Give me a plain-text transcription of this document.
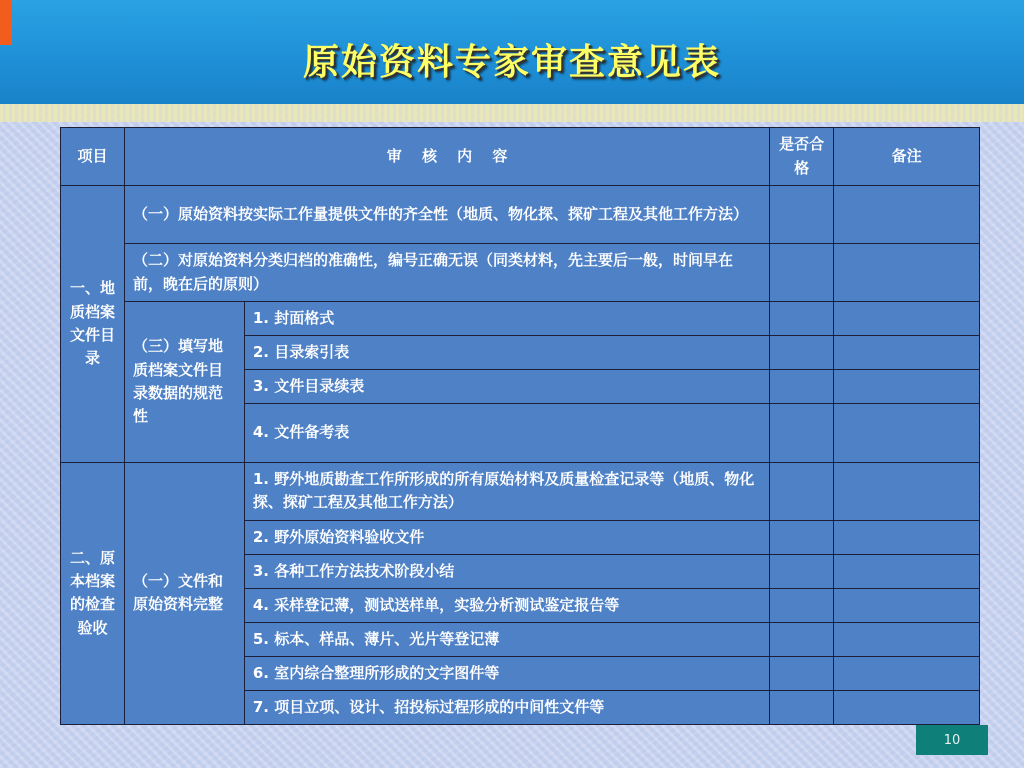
原始资料专家审查意见表
项目	审　 核　 内　 容		是否合格	备注
一、地质档案文件目录	（一）原始资料按实际工作量提供文件的齐全性（地质、物化探、探矿工程及其他工作方法）			
	（二）对原始资料分类归档的准确性，编号正确无误（同类材料，先主要后一般，时间早在前，晚在后的原则）			
	（三）填写地质档案文件目录数据的规范性	1. 封面格式		
		2. 目录索引表		
		3. 文件目录续表		
		4. 文件备考表		
二、原本档案的检查验收	（一）文件和原始资料完整	1. 野外地质勘查工作所形成的所有原始材料及质量检查记录等（地质、物化探、探矿工程及其他工作方法）		
		2. 野外原始资料验收文件		
		3. 各种工作方法技术阶段小结		
		4. 采样登记薄，测试送样单，实验分析测试鉴定报告等		
		5. 标本、样品、薄片、光片等登记薄		
		6. 室内综合整理所形成的文字图件等		
		7. 项目立项、设计、招投标过程形成的中间性文件等		
10
